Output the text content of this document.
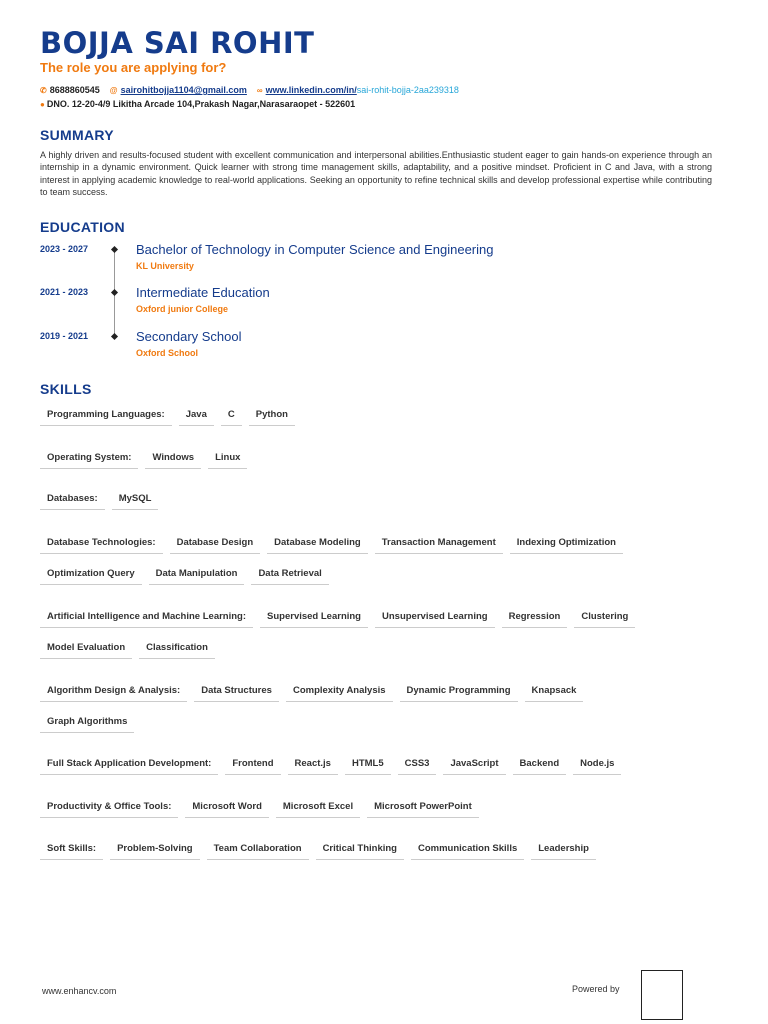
BOJJA SAI ROHIT
The role you are applying for?
✆ 8688860545 @ sairohitbojja1104@gmail.com ∞ www.linkedin.com/in/sai-rohit-bojja-2aa239318
● DNO. 12-20-4/9 Likitha Arcade 104,Prakash Nagar,Narasaraopet - 522601
SUMMARY
A highly driven and results-focused student with excellent communication and interpersonal abilities.Enthusiastic student eager to gain hands-on experience through an internship in a dynamic environment. Quick learner with strong time management skills, adaptability, and a positive mindset. Proficient in C and Java, with a strong interest in applying academic knowledge to real-world applications. Seeking an opportunity to refine technical skills and develop professional expertise while contributing to team success.
EDUCATION
2023 - 2027	Bachelor of Technology in Computer Science and Engineering
KL University
2021 - 2023	Intermediate Education
Oxford junior College
2019 - 2021	Secondary School
Oxford School
SKILLS
Programming Languages:	Java	C	Python
Operating System:	Windows	Linux
Databases:	MySQL
Database Technologies:	Database Design	Database Modeling	Transaction Management	Indexing Optimization
Optimization Query	Data Manipulation	Data Retrieval
Artificial Intelligence and Machine Learning:	Supervised Learning	Unsupervised Learning	Regression	Clustering
Model Evaluation	Classification
Algorithm Design & Analysis:	Data Structures	Complexity Analysis	Dynamic Programming	Knapsack
Graph Algorithms
Full Stack Application Development:	Frontend	React.js	HTML5	CSS3	JavaScript	Backend	Node.js
Productivity & Office Tools:	Microsoft Word	Microsoft Excel	Microsoft PowerPoint
Soft Skills:	Problem-Solving	Team Collaboration	Critical Thinking	Communication Skills	Leadership
www.enhancv.com	Powered by
